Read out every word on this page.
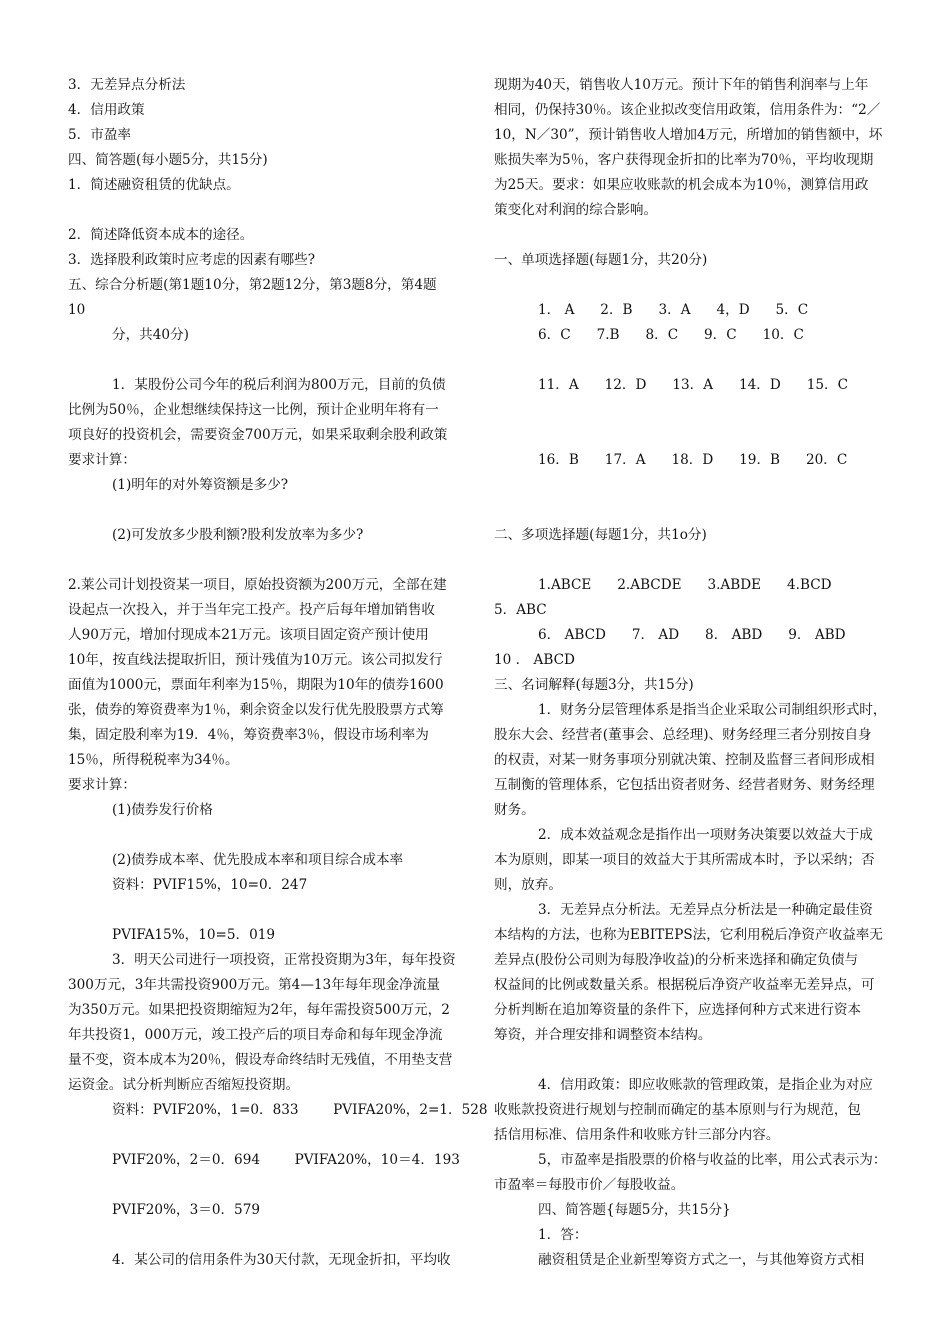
3．无差异点分析法
4．信用政策
5．市盈率
四、简答题(每小题5分，共15分)
1．简述融资租赁的优缺点。
2．简述降低资本成本的途径。
3．选择股利政策时应考虑的因素有哪些?
五、综合分析题(第1题10分，第2题12分，第3题8分，第4题
10
分，共40分)
1．某股份公司今年的税后利润为800万元，目前的负债
比例为50％，企业想继续保持这一比例，预计企业明年将有一
项良好的投资机会，需要资金700万元，如果采取剩余股利政策
要求计算：
(1)明年的对外筹资额是多少?
(2)可发放多少股利额?股利发放率为多少?
2.莱公司计划投资某一项目，原始投资额为200万元，全部在建
设起点一次投入，并于当年完工投产。投产后每年增加销售收
人90万元，增加付现成本21万元。该项目固定资产预计使用
10年，按直线法提取折旧，预计残值为10万元。该公司拟发行
面值为1000元，票面年利率为15％，期限为10年的债券1600
张，债券的筹资费率为1％，剩余资金以发行优先股股票方式筹
集，固定股利率为19．4％，筹资费率3％，假设市场利率为
15％，所得税税率为34％。
要求计算：
(1)债券发行价格
(2)债券成本率、优先股成本率和项目综合成本率
资料：PVIF15%，10=0．247
PVIFA15%，10=5．019
3．明天公司进行一项投资，正常投资期为3年，每年投资
300万元，3年共需投资900万元。第4—13年每年现金净流量
为350万元。如果把投资期缩短为2年，每年需投资500万元，2
年共投资1，000万元，竣工投产后的项目寿命和每年现金净流
量不变，资本成本为20％，假设寿命终结时无残值，不用垫支营
运资金。试分析判断应否缩短投资期。
资料：PVIF20%，1=0．833        PVIFA20%，2=1．528
PVIF20%，2＝0．694        PVIFA20%，10＝4．193
PVIF20%，3＝0．579
4．某公司的信用条件为30天付款，无现金折扣，平均收
现期为40天，销售收人10万元。预计下年的销售利润率与上年
相同，仍保持30％。该企业拟改变信用政策，信用条件为：“2／
10，N／30”，预计销售收人增加4万元，所增加的销售额中，坏
账损失率为5％，客户获得现金折扣的比率为70％，平均收现期
为25天。要求：如果应收账款的机会成本为10％，测算信用政
策变化对利润的综合影响。
一、单项选择题(每题1分，共20分)
1． A      2．B      3．A      4，D      5．C
6．C      7.B      8．C      9．C      10．C
11．A      12．D      13．A      14．D      15．C
16．B      17．A      18．D      19．B      20．C
二、多项选择题(每题1分，共1o分)
1.ABCE      2.ABCDE      3.ABDE      4.BCD
5．ABC
6． ABCD      7． AD      8． ABD      9． ABD
10 ． ABCD
三、名词解释(每题3分，共15分)
1．财务分层管理体系是指当企业采取公司制组织形式时，
股东大会、经营者(董事会、总经理)、财务经理三者分别按自身
的权责，对某一财务事项分别就决策、控制及监督三者间形成相
互制衡的管理体系，它包括出资者财务、经营者财务、财务经理
财务。
2．成本效益观念是指作出一项财务决策要以效益大于成
本为原则，即某一项目的效益大于其所需成本时，予以采纳；否
则，放弃。
3．无差异点分析法。无差异点分析法是一种确定最佳资
本结构的方法，也称为EBITEPS法，它利用税后净资产收益率无
差异点(股份公司则为每股净收益)的分析来选择和确定负债与
权益间的比例或数量关系。根据税后净资产收益率无差异点，可
分析判断在追加筹资量的条件下，应选择何种方式来进行资本
筹资，并合理安排和调整资本结构。
4．信用政策：即应收账款的管理政策，是指企业为对应
收账款投资进行规划与控制而确定的基本原则与行为规范，包
括信用标准、信用条件和收账方针三部分内容。
5，市盈率是指股票的价格与收益的比率，用公式表示为：
市盈率＝每股市价／每股收益。
四、简答题{每题5分，共15分}
1．答：
融资租赁是企业新型筹资方式之一，与其他筹资方式相
